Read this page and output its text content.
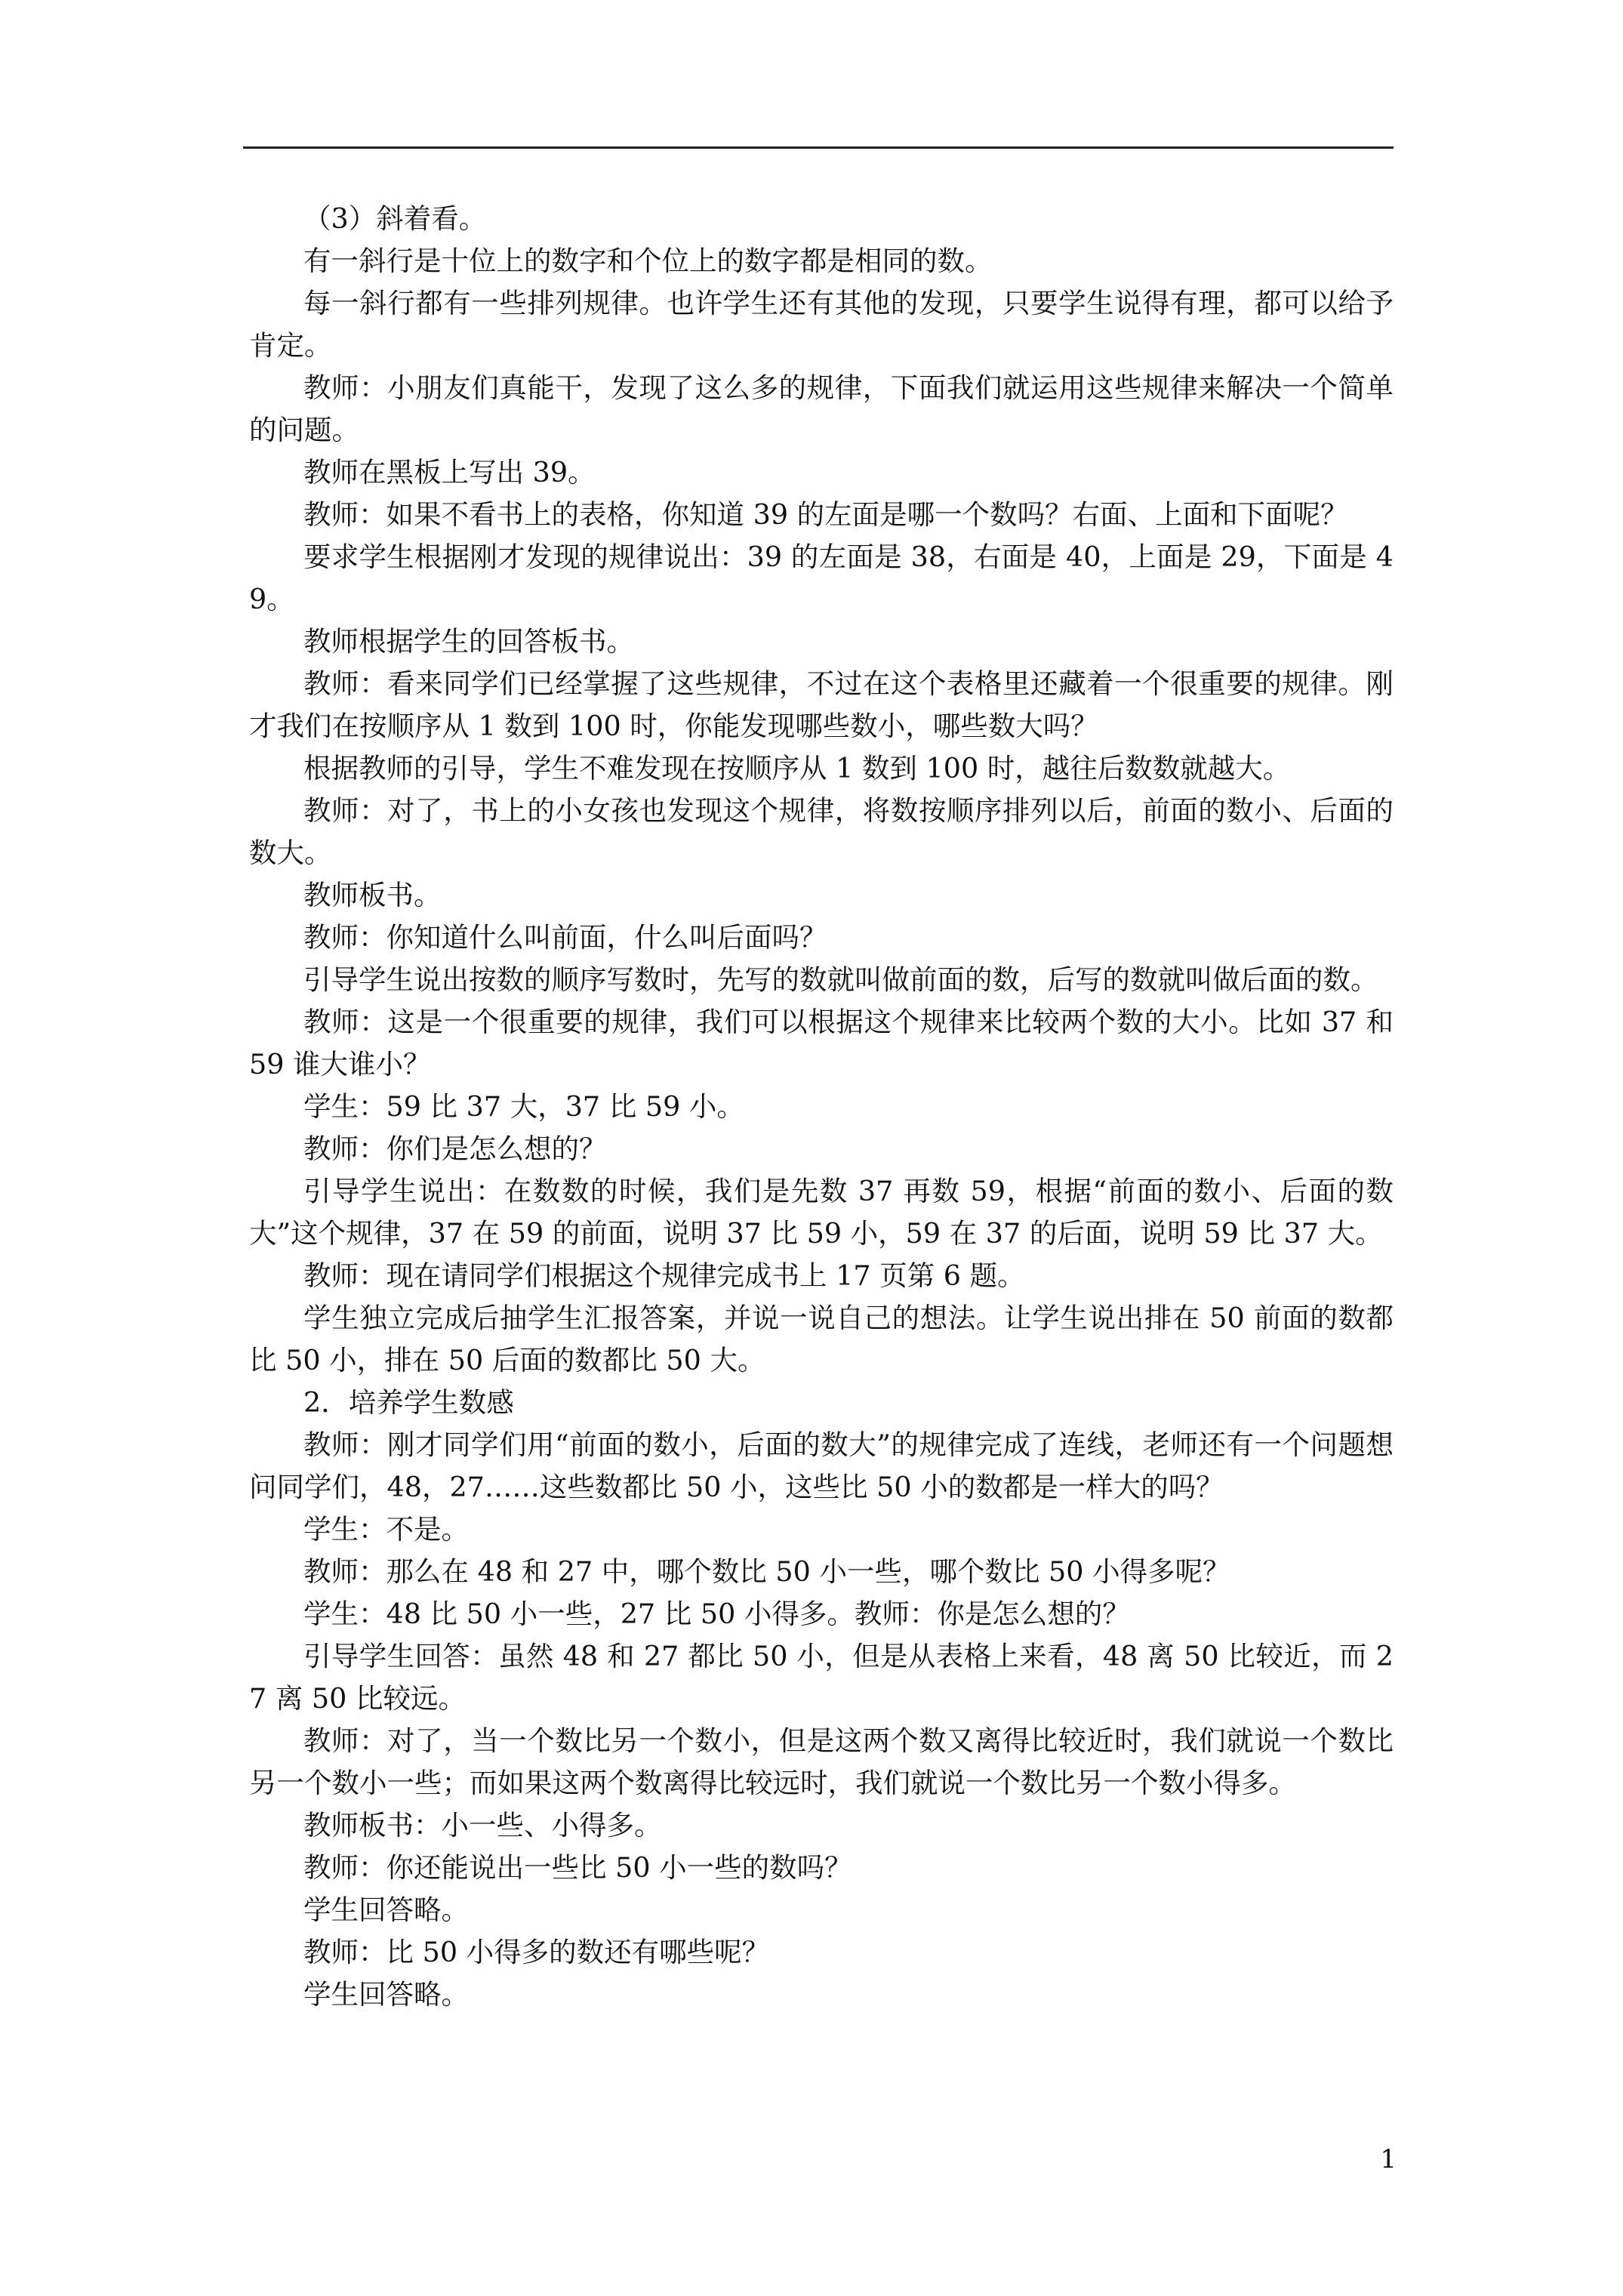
（3）斜着看。

有一斜行是十位上的数字和个位上的数字都是相同的数。

每一斜行都有一些排列规律。也许学生还有其他的发现，只要学生说得有理，都可以给予肯定。

教师：小朋友们真能干，发现了这么多的规律，下面我们就运用这些规律来解决一个简单的问题。

教师在黑板上写出 39。

教师：如果不看书上的表格，你知道 39 的左面是哪一个数吗？右面、上面和下面呢？

要求学生根据刚才发现的规律说出：39 的左面是 38，右面是 40，上面是 29，下面是 49。

教师根据学生的回答板书。

教师：看来同学们已经掌握了这些规律，不过在这个表格里还藏着一个很重要的规律。刚才我们在按顺序从 1 数到 100 时，你能发现哪些数小，哪些数大吗？

根据教师的引导，学生不难发现在按顺序从 1 数到 100 时，越往后数数就越大。

教师：对了，书上的小女孩也发现这个规律，将数按顺序排列以后，前面的数小、后面的数大。

教师板书。

教师：你知道什么叫前面，什么叫后面吗？

引导学生说出按数的顺序写数时，先写的数就叫做前面的数，后写的数就叫做后面的数。

教师：这是一个很重要的规律，我们可以根据这个规律来比较两个数的大小。比如 37 和 59 谁大谁小？

学生：59 比 37 大，37 比 59 小。

教师：你们是怎么想的？

引导学生说出：在数数的时候，我们是先数 37 再数 59，根据“前面的数小、后面的数大”这个规律，37 在 59 的前面，说明 37 比 59 小，59 在 37 的后面，说明 59 比 37 大。

教师：现在请同学们根据这个规律完成书上 17 页第 6 题。

学生独立完成后抽学生汇报答案，并说一说自己的想法。让学生说出排在 50 前面的数都比 50 小，排在 50 后面的数都比 50 大。

2．培养学生数感

教师：刚才同学们用“前面的数小，后面的数大”的规律完成了连线，老师还有一个问题想问同学们，48，27……这些数都比 50 小，这些比 50 小的数都是一样大的吗？

学生：不是。

教师：那么在 48 和 27 中，哪个数比 50 小一些，哪个数比 50 小得多呢？

学生：48 比 50 小一些，27 比 50 小得多。教师：你是怎么想的？

引导学生回答：虽然 48 和 27 都比 50 小，但是从表格上来看，48 离 50 比较近，而 27 离 50 比较远。

教师：对了，当一个数比另一个数小，但是这两个数又离得比较近时，我们就说一个数比另一个数小一些；而如果这两个数离得比较远时，我们就说一个数比另一个数小得多。

教师板书：小一些、小得多。

教师：你还能说出一些比 50 小一些的数吗？

学生回答略。

教师：比 50 小得多的数还有哪些呢？

学生回答略。

1
